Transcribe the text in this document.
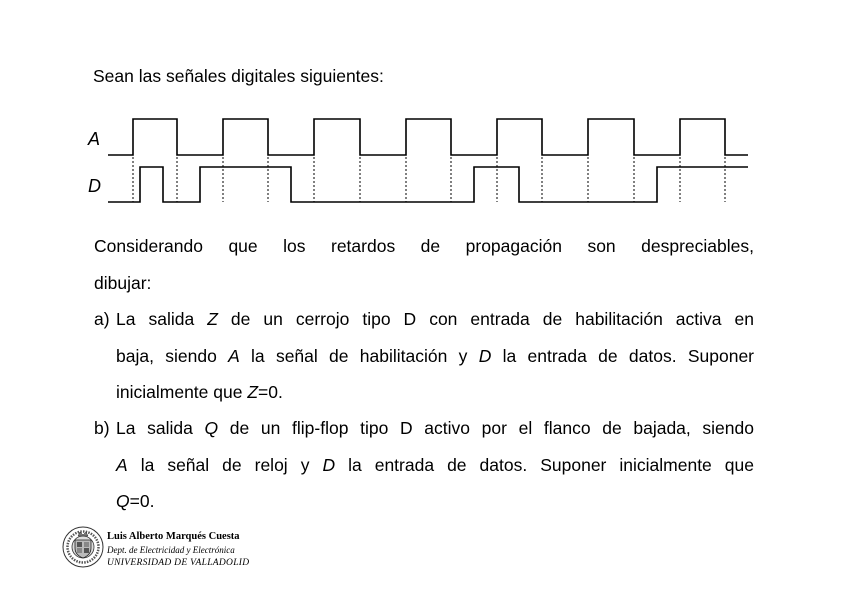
Sean las señales digitales siguientes:
A
D
Considerando que los retardos de propagación son despreciables,
dibujar:
a) La salida Z de un cerrojo tipo D con entrada de habilitación activa en
baja, siendo A la señal de habilitación y D la entrada de datos. Suponer
inicialmente que Z=0.
b) La salida Q de un flip-flop tipo D activo por el flanco de bajada, siendo
A la señal de reloj y D la entrada de datos. Suponer inicialmente que
Q=0.
Luis Alberto Marqués Cuesta
Dept. de Electricidad y Electrónica
UNIVERSIDAD DE VALLADOLID
